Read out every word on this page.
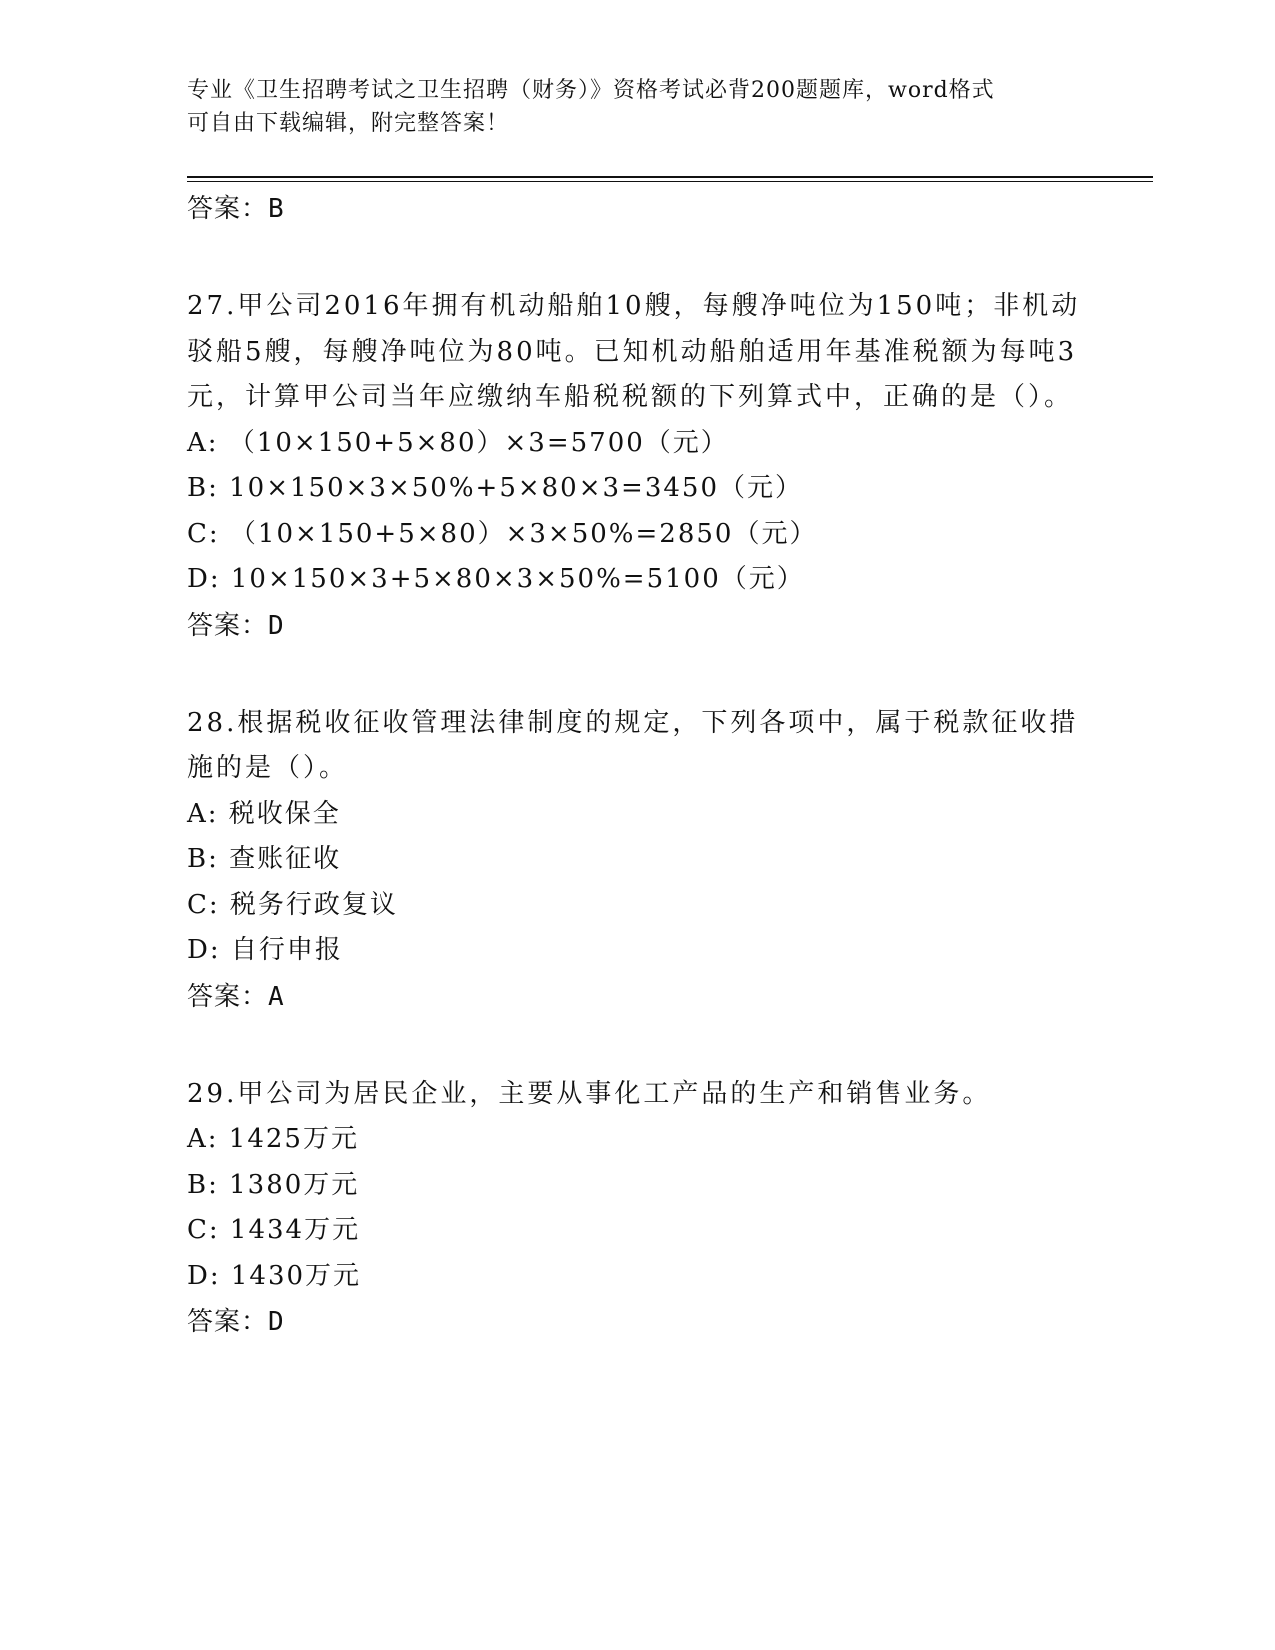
专业《卫生招聘考试之卫生招聘（财务）》资格考试必背200题题库，word格式
可自由下载编辑，附完整答案！
答案：B
27.甲公司2016年拥有机动船舶10艘，每艘净吨位为150吨；非机动驳船5艘，每艘净吨位为80吨。已知机动船舶适用年基准税额为每吨3元，计算甲公司当年应缴纳车船税税额的下列算式中，正确的是（）。
A: （10×150+5×80）×3=5700（元）
B: 10×150×3×50%+5×80×3=3450（元）
C: （10×150+5×80）×3×50%=2850（元）
D: 10×150×3+5×80×3×50%=5100（元）
答案：D
28.根据税收征收管理法律制度的规定，下列各项中，属于税款征收措施的是（）。
A: 税收保全
B: 查账征收
C: 税务行政复议
D: 自行申报
答案：A
29.甲公司为居民企业，主要从事化工产品的生产和销售业务。
A: 1425万元
B: 1380万元
C: 1434万元
D: 1430万元
答案：D
